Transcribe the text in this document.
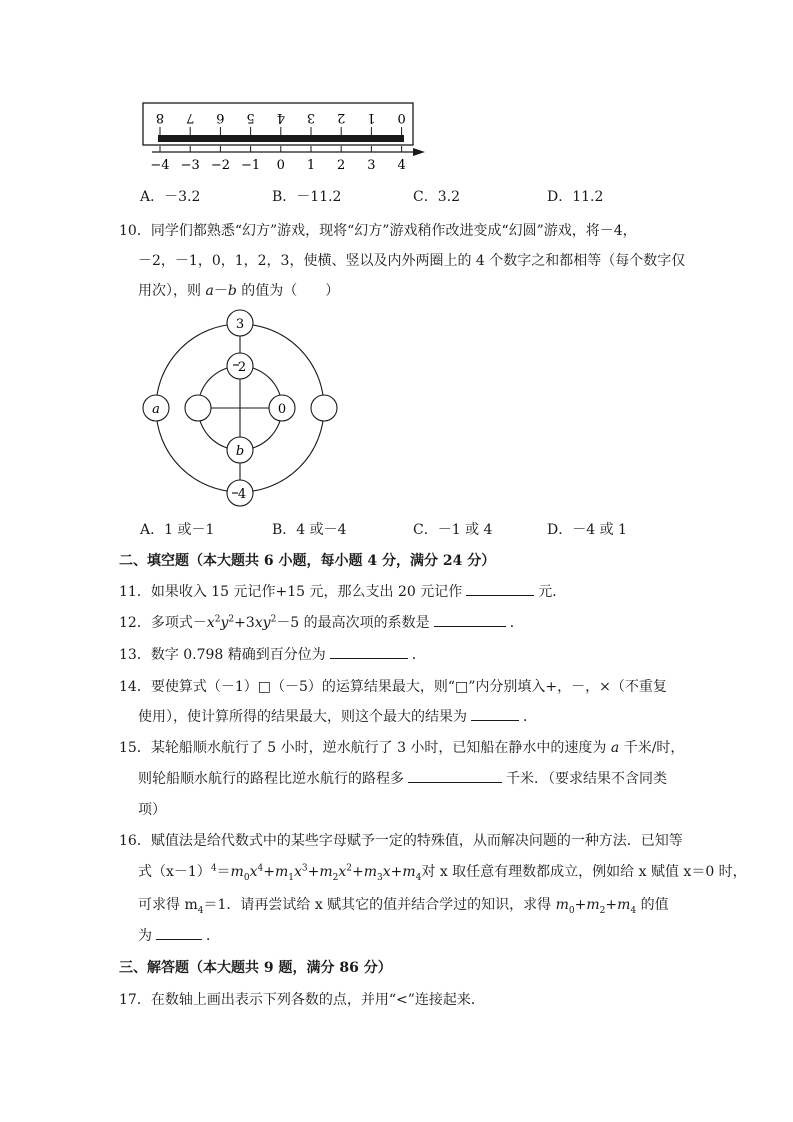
8 7 6 5 4 3 2 1 0
−4 −3 −2 −1 0 1 2 3 4
A．－3.2	B．－11.2	C．3.2	D．11.2
10．同学们都熟悉“幻方”游戏，现将“幻方”游戏稍作改进变成“幻圆”游戏，将－4，
－2，－1，0，1，2，3，使横、竖以及内外两圈上的 4 个数字之和都相等（每个数字仅
用次），则 a－b 的值为（　　）
3
2
a	0
b
4
A．1 或－1	B．4 或－4	C．－1 或 4	D．－4 或 1
二、填空题（本大题共 6 小题，每小题 4 分，满分 24 分）
11．如果收入 15 元记作+15 元，那么支出 20 元记作	元．
12．多项式$-x^2y^2+3xy^2-5$ 的最高次项的系数是	．
13．数字 0.798 精确到百分位为	．
14．要使算式（－1）□（－5）的运算结果最大，则“□”内分别填入+，－，×（不重复
使用），使计算所得的结果最大，则这个最大的结果为	．
15．某轮船顺水航行了 5 小时，逆水航行了 3 小时，已知船在静水中的速度为 a 千米/时，
则轮船顺水航行的路程比逆水航行的路程多	千米．（要求结果不含同类
项）
16．赋值法是给代数式中的某些字母赋予一定的特殊值，从而解决问题的一种方法．已知等
式$(x-1)^4=m_0x^4+m_1x^3+m_2x^2+m_3x+m_4$对 x 取任意有理数都成立，例如给 x 赋值 x＝0 时，
可求得 $m_4=1$．请再尝试给 x 赋其它的值并结合学过的知识，求得 $m_0+m_2+m_4$ 的值
为	．
三、解答题（本大题共 9 题，满分 86 分）
17．在数轴上画出表示下列各数的点，并用“<”连接起来．
